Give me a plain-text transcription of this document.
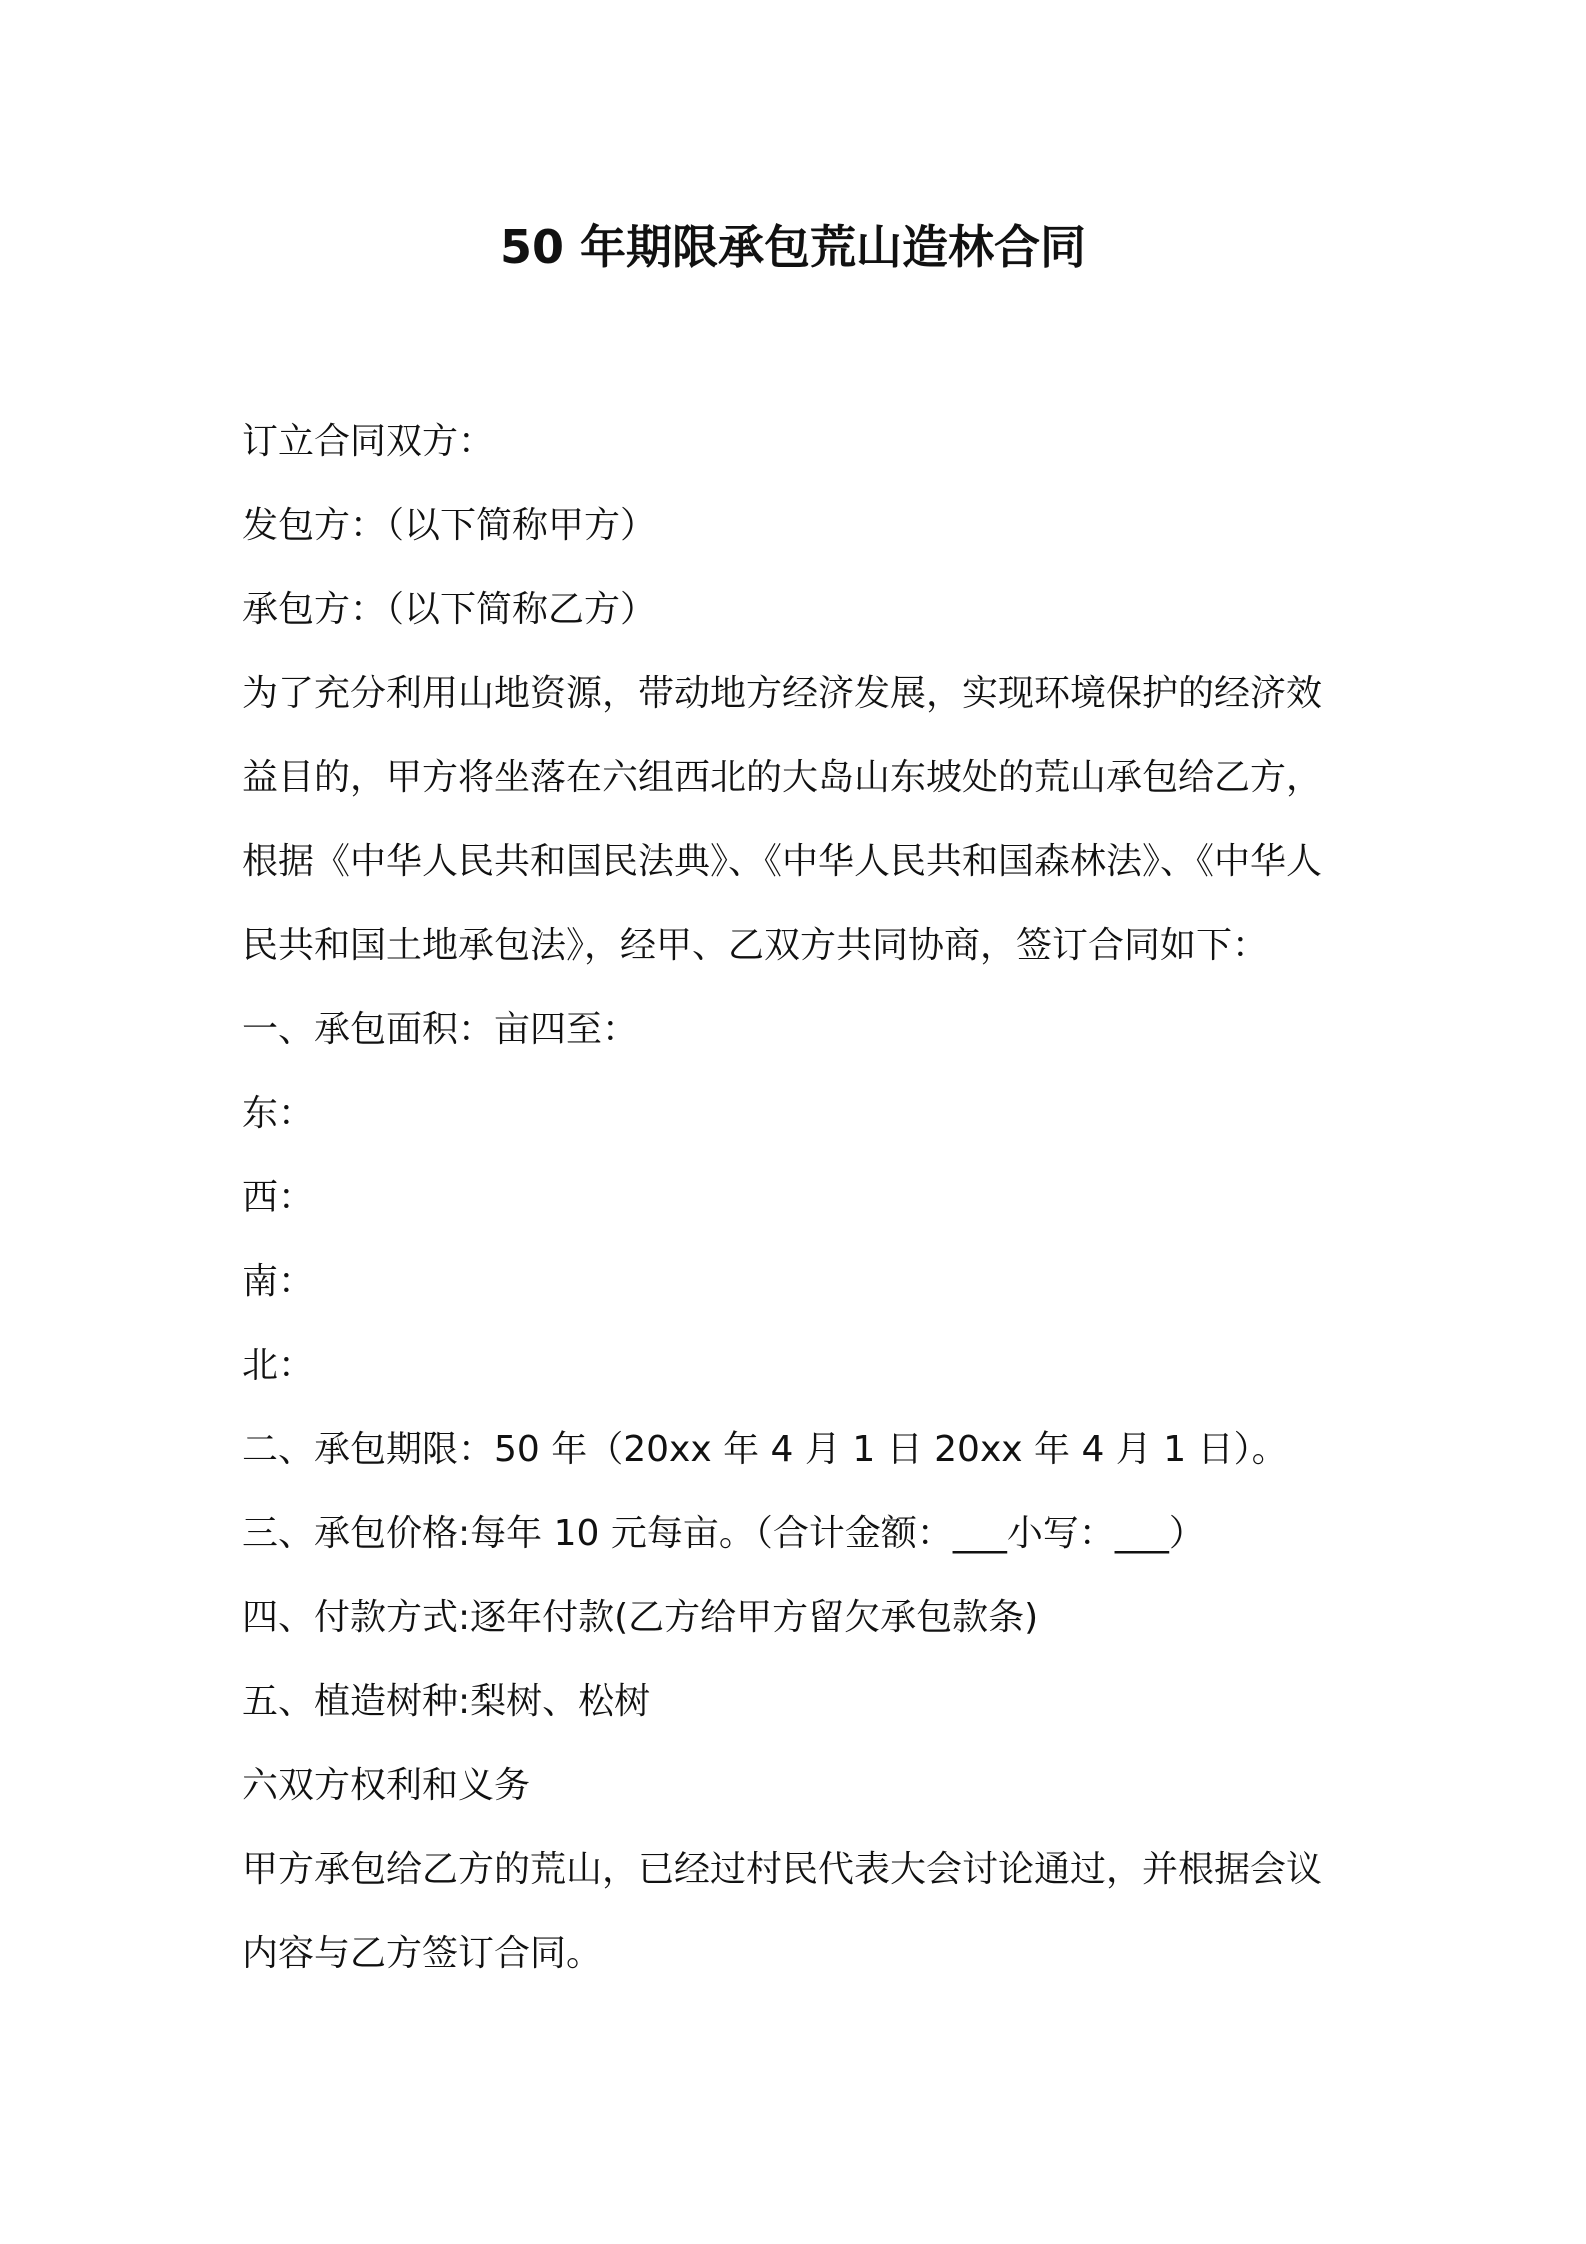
50 年期限承包荒山造林合同

订立合同双方：

发包方：（以下简称甲方）

承包方：（以下简称乙方）

为了充分利用山地资源，带动地方经济发展，实现环境保护的经济效

益目的，甲方将坐落在六组西北的大岛山东坡处的荒山承包给乙方，

根据《中华人民共和国民法典》、《中华人民共和国森林法》、《中华人

民共和国土地承包法》，经甲、乙双方共同协商，签订合同如下：

一、承包面积：亩四至：

东：

西：

南：

北：

二、承包期限：50 年（20xx 年 4 月 1 日 20xx 年 4 月 1 日）。

三、承包价格:每年 10 元每亩。（合计金额：___小写：___）

四、付款方式:逐年付款(乙方给甲方留欠承包款条)

五、植造树种:梨树、松树

六双方权利和义务

甲方承包给乙方的荒山，已经过村民代表大会讨论通过，并根据会议

内容与乙方签订合同。
